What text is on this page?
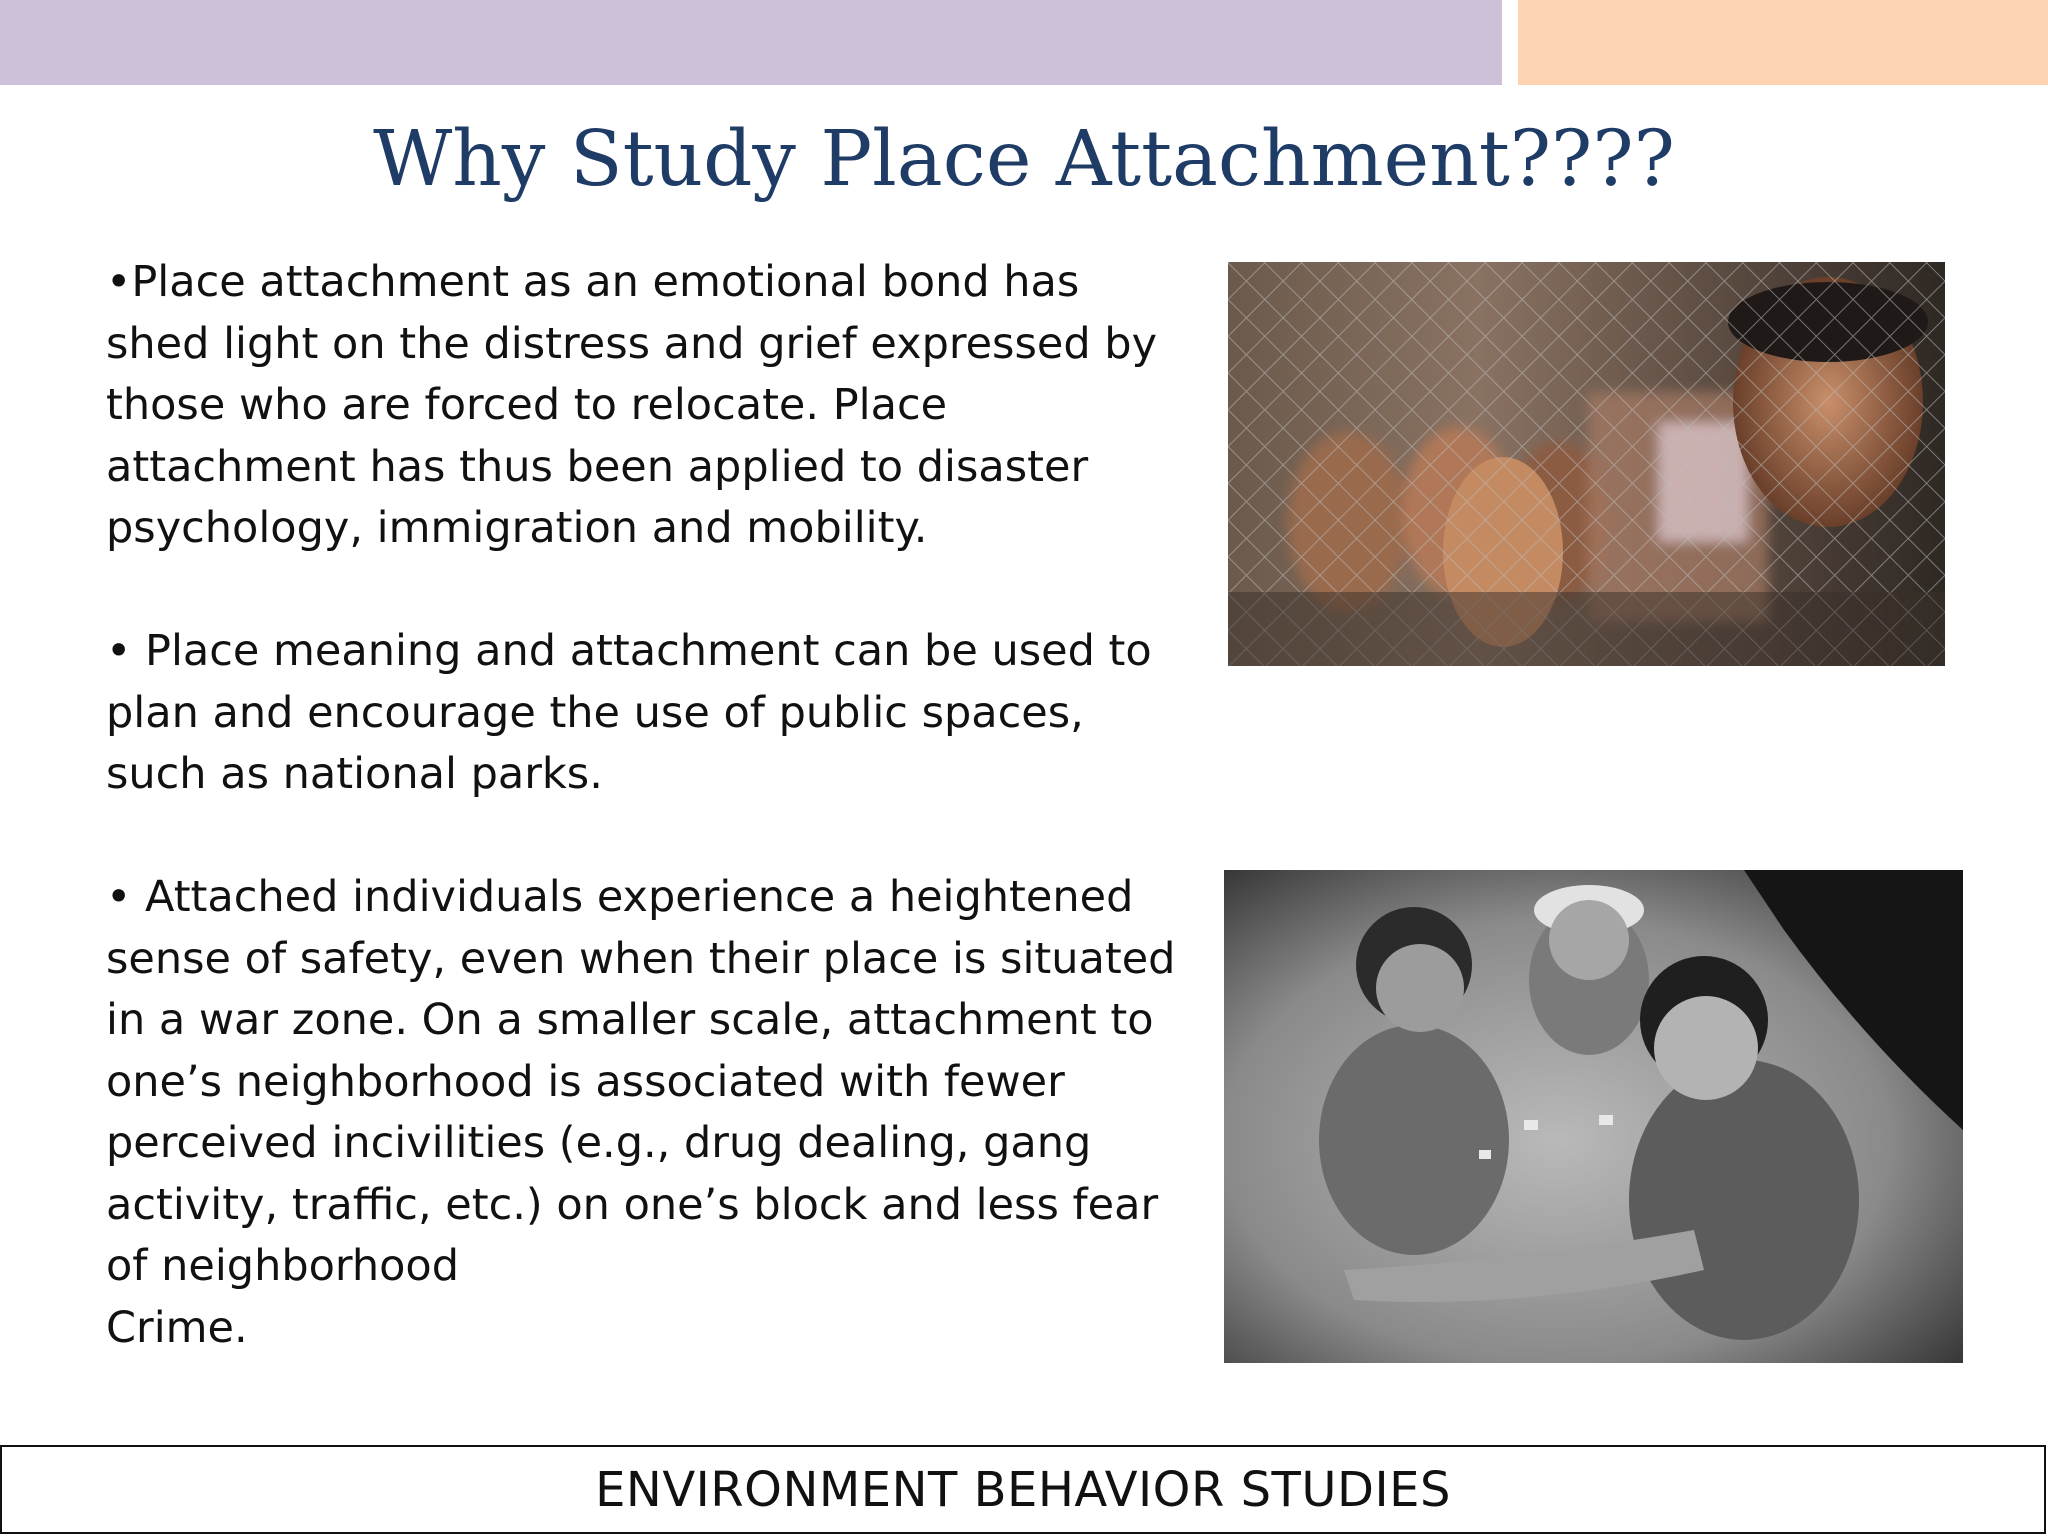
Why Study Place Attachment????

•Place attachment as an emotional bond has shed light on the distress and grief expressed by those who are forced to relocate. Place attachment has thus been applied to disaster psychology, immigration and mobility.

• Place meaning and attachment can be used to plan and encourage the use of public spaces, such as national parks.

• Attached individuals experience a heightened sense of safety, even when their place is situated in a war zone. On a smaller scale, attachment to one’s neighborhood is associated with fewer perceived incivilities (e.g., drug dealing, gang activity, traffic, etc.) on one’s block and less fear of neighborhood

Crime.

ENVIRONMENT BEHAVIOR STUDIES
